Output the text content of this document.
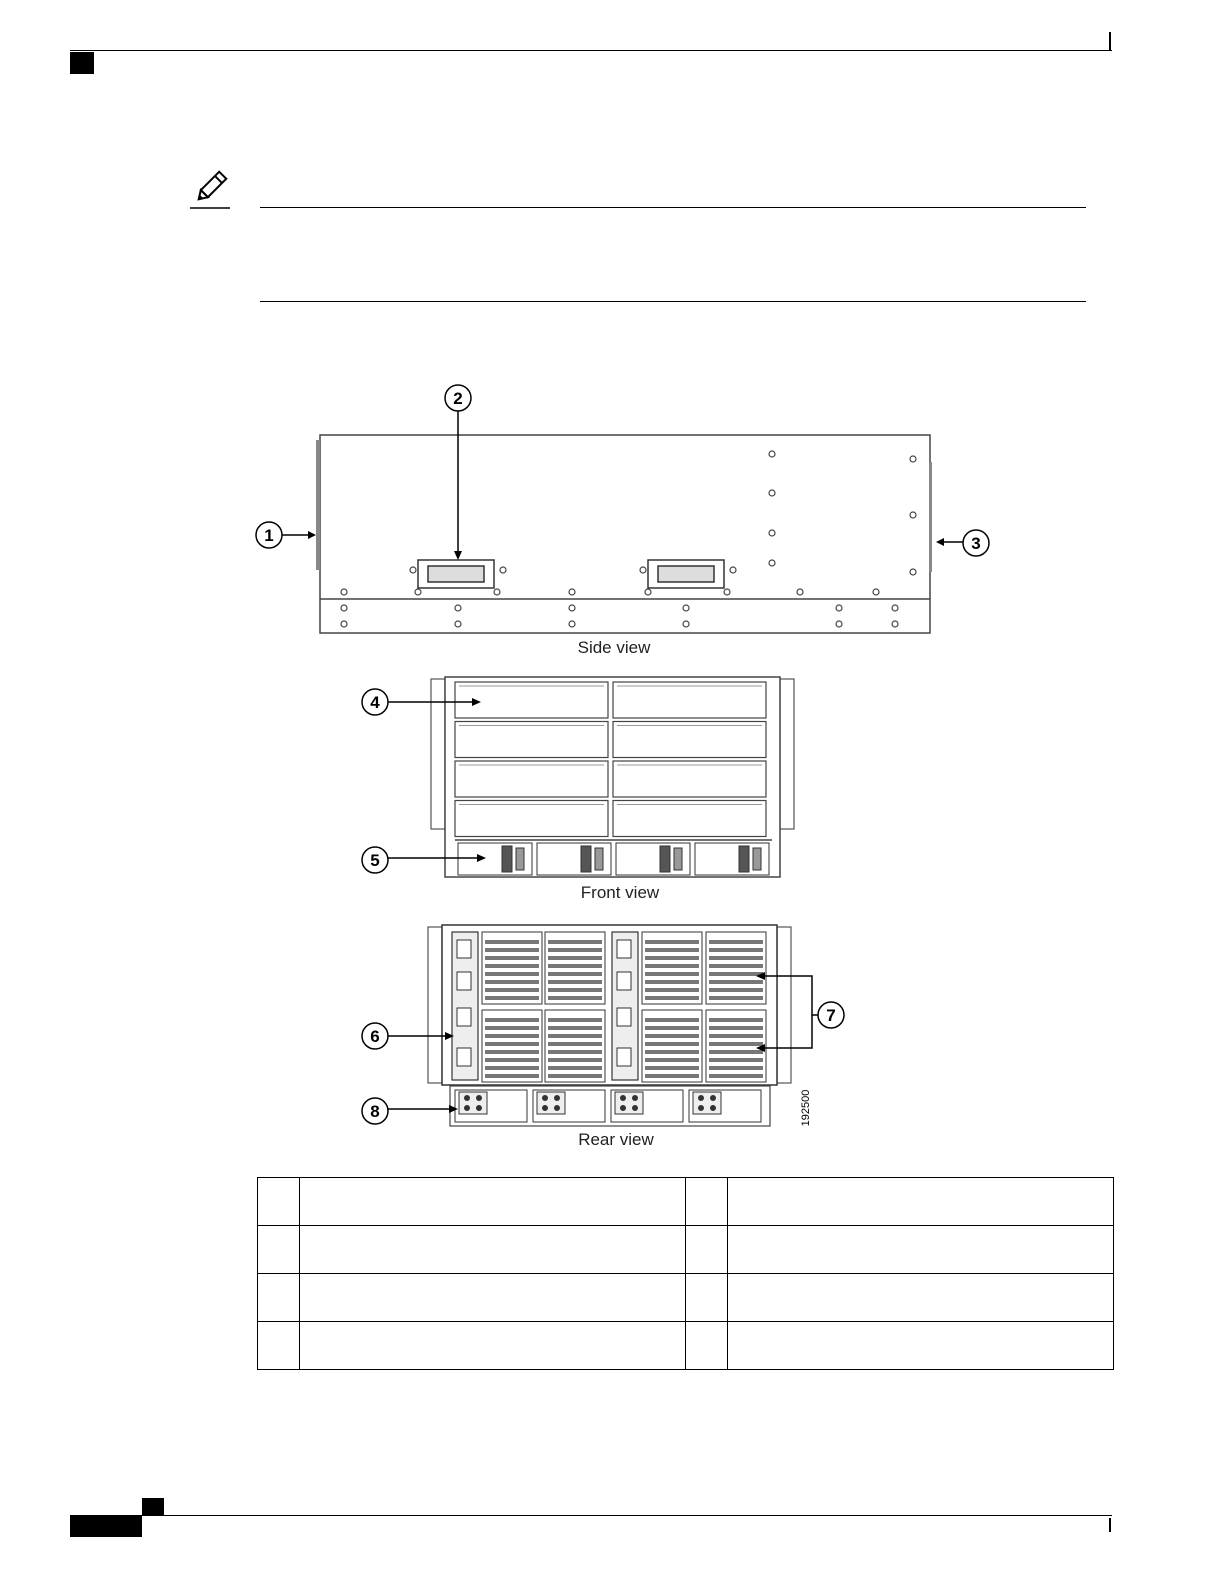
1
2
3
Side view
4
5
Front view
6
7
8	192500
Rear view
